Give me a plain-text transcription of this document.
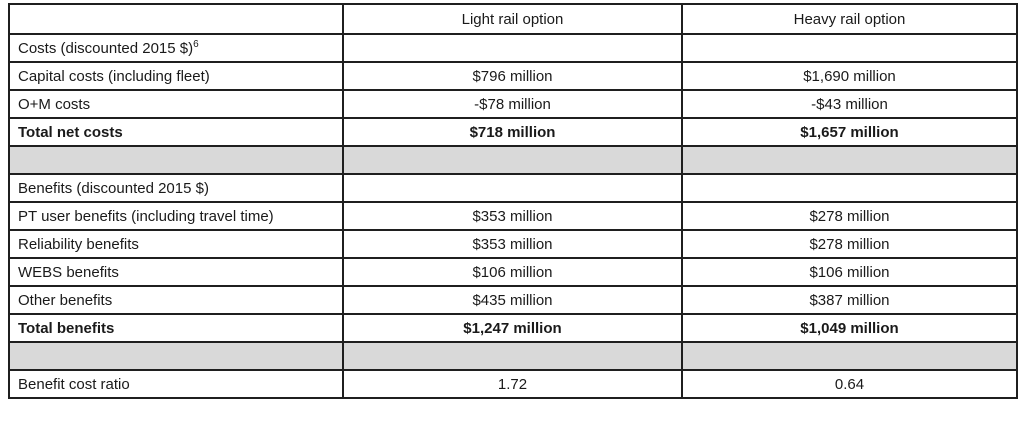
	Light rail option	Heavy rail option
Costs (discounted 2015 $)$^6$		
Capital costs (including fleet)	$796 million	$1,690 million
O+M costs	-$78 million	-$43 million
Total net costs	$718 million	$1,657 million

Benefits (discounted 2015 $)		
PT user benefits (including travel time)	$353 million	$278 million
Reliability benefits	$353 million	$278 million
WEBS benefits	$106 million	$106 million
Other benefits	$435 million	$387 million
Total benefits	$1,247 million	$1,049 million

Benefit cost ratio	1.72	0.64
